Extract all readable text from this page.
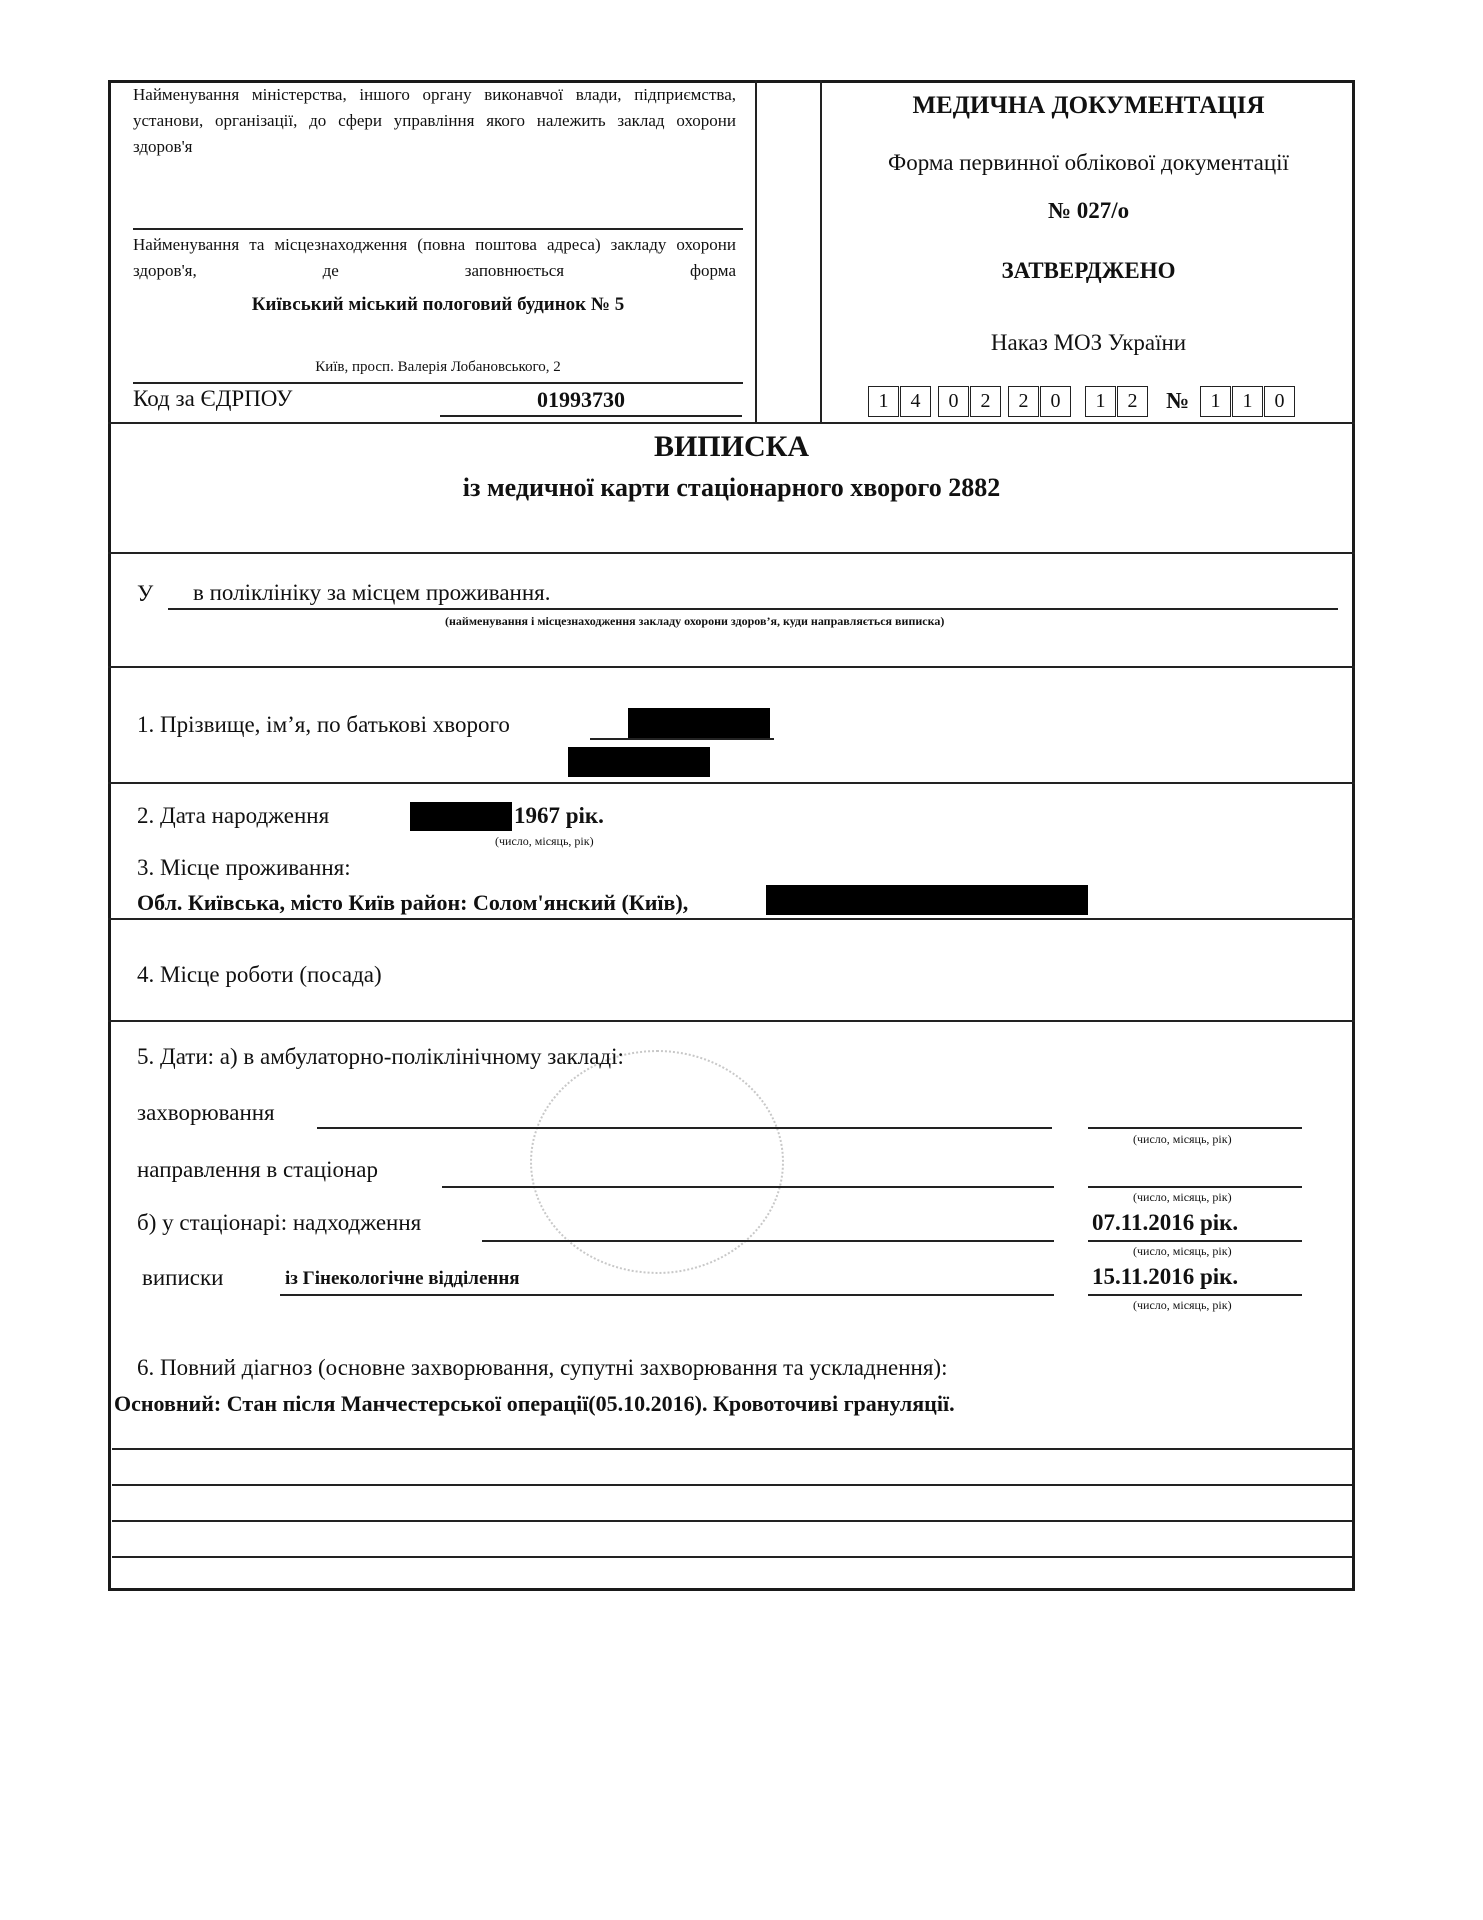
Найменування міністерства, іншого органу виконавчої влади, підприємства, установи, організації, до сфери управління якого належить заклад охорони здоров'я
Найменування та місцезнаходження (повна поштова адреса) закладу охорони здоров'я, де заповнюється форма
Київський міський пологовий будинок № 5
Київ, просп. Валерія Лобановського, 2
Код за ЄДРПОУ	01993730
МЕДИЧНА ДОКУМЕНТАЦІЯ
Форма первинної облікової документації
№ 027/о
ЗАТВЕРДЖЕНО
Наказ МОЗ України
1	4	0	2	2	0	1	2	№	1	1	0
ВИПИСКА
із медичної карти стаціонарного хворого 2882
У в поліклініку за місцем проживання.
(найменування і місцезнаходження закладу охорони здоров’я, куди направляється виписка)
1. Прізвище, ім’я, по батькові хворого
2. Дата народження	1967 рік.
(число, місяць, рік)
3. Місце проживання:
Обл. Київська, місто Київ район: Солом'янский (Київ),
4. Місце роботи (посада)
5. Дати: а) в амбулаторно-поліклінічному закладі:
захворювання
(число, місяць, рік)
направлення в стаціонар
(число, місяць, рік)
б) у стаціонарі: надходження	07.11.2016 рік.
(число, місяць, рік)
виписки	із Гінекологічне відділення	15.11.2016 рік.
(число, місяць, рік)
6. Повний діагноз (основне захворювання, супутні захворювання та ускладнення):
Основний: Стан після Манчестерської операції(05.10.2016). Кровоточиві грануляції.
